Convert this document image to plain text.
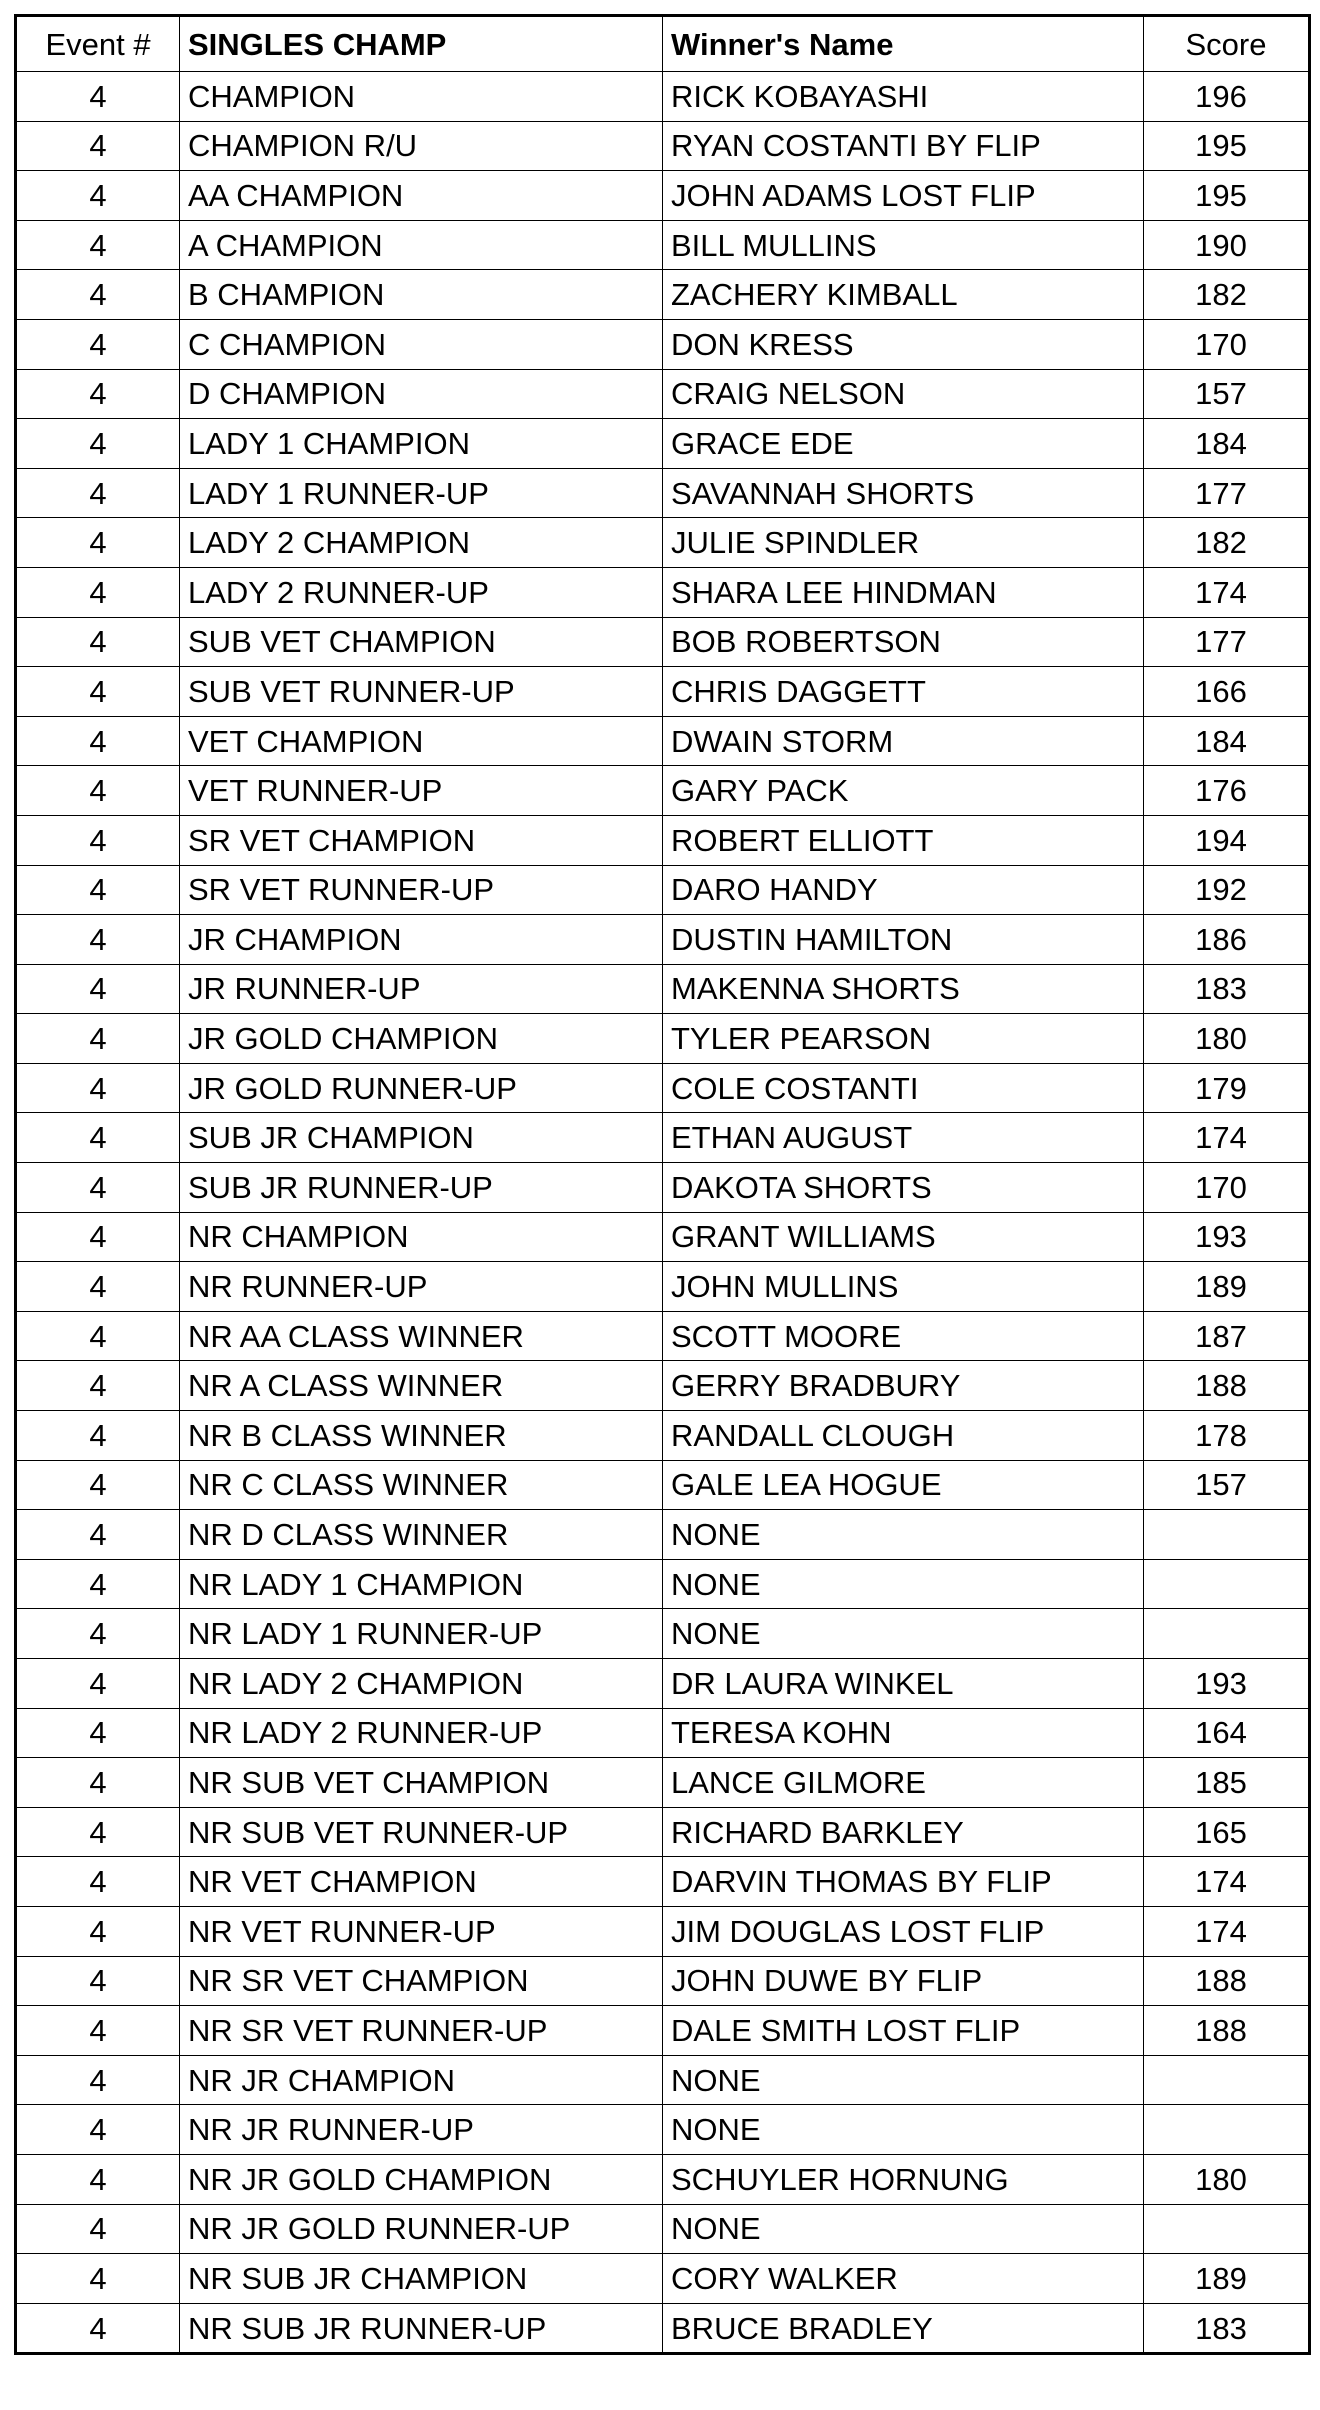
Event #	SINGLES CHAMP	Winner's Name	Score
4	CHAMPION	RICK KOBAYASHI	196
4	CHAMPION R/U	RYAN COSTANTI BY FLIP	195
4	AA CHAMPION	JOHN ADAMS LOST FLIP	195
4	A CHAMPION	BILL MULLINS	190
4	B CHAMPION	ZACHERY KIMBALL	182
4	C CHAMPION	DON KRESS	170
4	D CHAMPION	CRAIG NELSON	157
4	LADY 1 CHAMPION	GRACE EDE	184
4	LADY 1 RUNNER-UP	SAVANNAH SHORTS	177
4	LADY 2 CHAMPION	JULIE SPINDLER	182
4	LADY 2 RUNNER-UP	SHARA LEE HINDMAN	174
4	SUB VET CHAMPION	BOB ROBERTSON	177
4	SUB VET RUNNER-UP	CHRIS DAGGETT	166
4	VET CHAMPION	DWAIN STORM	184
4	VET RUNNER-UP	GARY PACK	176
4	SR VET CHAMPION	ROBERT ELLIOTT	194
4	SR VET RUNNER-UP	DARO HANDY	192
4	JR CHAMPION	DUSTIN HAMILTON	186
4	JR RUNNER-UP	MAKENNA SHORTS	183
4	JR GOLD CHAMPION	TYLER PEARSON	180
4	JR GOLD RUNNER-UP	COLE COSTANTI	179
4	SUB JR CHAMPION	ETHAN AUGUST	174
4	SUB JR RUNNER-UP	DAKOTA SHORTS	170
4	NR CHAMPION	GRANT WILLIAMS	193
4	NR RUNNER-UP	JOHN MULLINS	189
4	NR AA CLASS WINNER	SCOTT MOORE	187
4	NR A CLASS WINNER	GERRY BRADBURY	188
4	NR B CLASS WINNER	RANDALL CLOUGH	178
4	NR C CLASS WINNER	GALE LEA HOGUE	157
4	NR D CLASS WINNER	NONE	
4	NR LADY 1 CHAMPION	NONE	
4	NR LADY 1 RUNNER-UP	NONE	
4	NR LADY 2 CHAMPION	DR LAURA WINKEL	193
4	NR LADY 2 RUNNER-UP	TERESA KOHN	164
4	NR SUB VET CHAMPION	LANCE GILMORE	185
4	NR SUB VET RUNNER-UP	RICHARD BARKLEY	165
4	NR VET CHAMPION	DARVIN THOMAS BY FLIP	174
4	NR VET RUNNER-UP	JIM DOUGLAS LOST FLIP	174
4	NR SR VET CHAMPION	JOHN DUWE BY FLIP	188
4	NR SR VET RUNNER-UP	DALE SMITH LOST FLIP	188
4	NR JR CHAMPION	NONE	
4	NR JR RUNNER-UP	NONE	
4	NR JR GOLD CHAMPION	SCHUYLER HORNUNG	180
4	NR JR GOLD RUNNER-UP	NONE	
4	NR SUB JR CHAMPION	CORY WALKER	189
4	NR SUB JR RUNNER-UP	BRUCE BRADLEY	183
